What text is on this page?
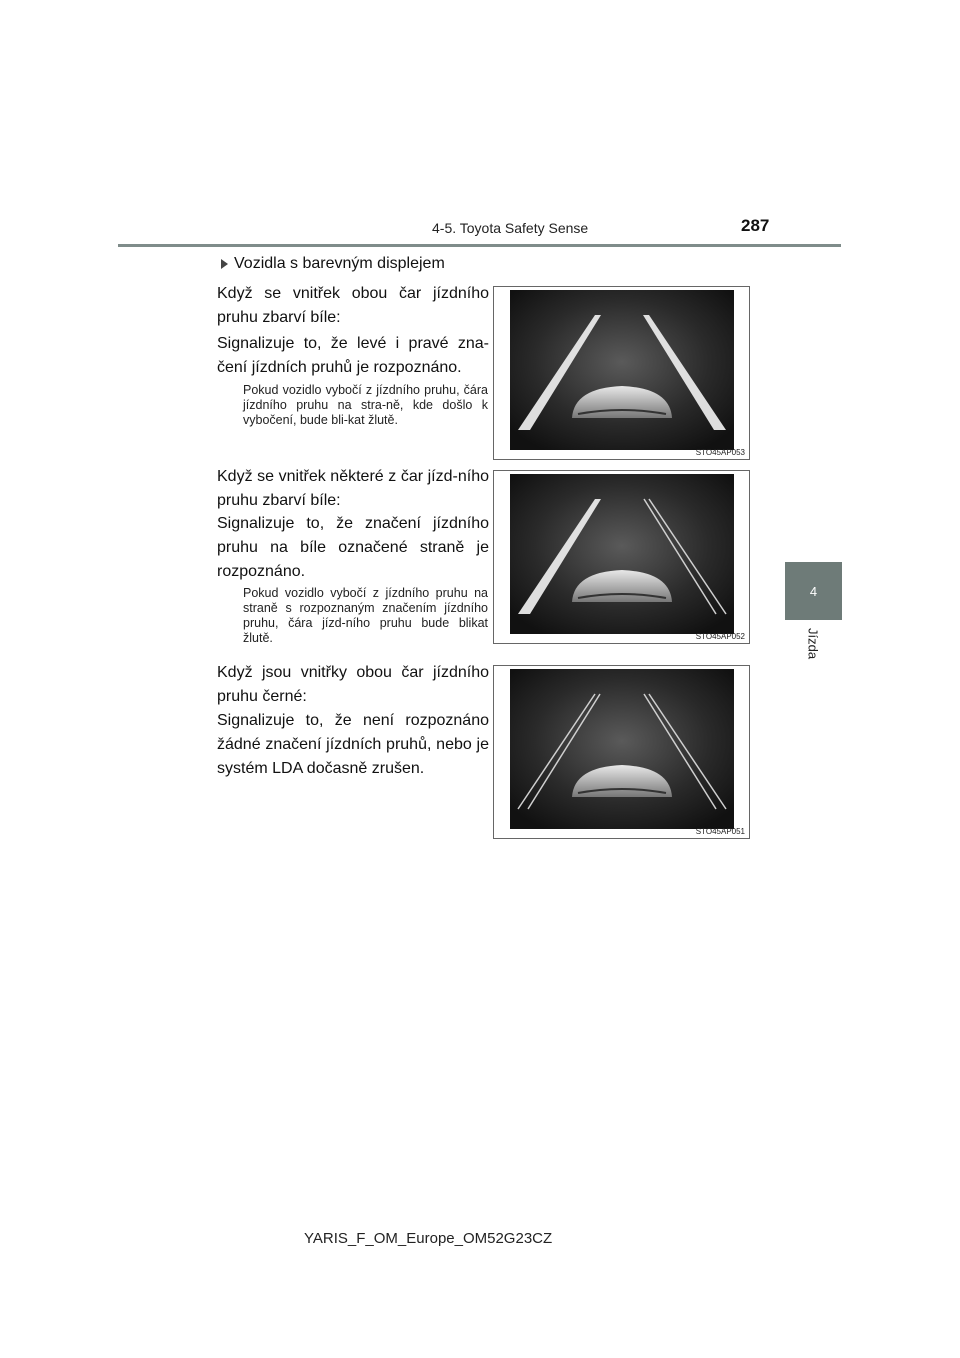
4-5. Toyota Safety Sense	287
4
Jízda
Vozidla s barevným displejem
Když se vnitřek obou čar jízdního pruhu zbarví bíle:
Signalizuje to, že levé i pravé zna-čení jízdních pruhů je rozpoznáno.
Pokud vozidlo vybočí z jízdního pruhu, čára jízdního pruhu na stra-ně, kde došlo k vybočení, bude bli-kat žlutě.
Když se vnitřek některé z čar jízd-ního pruhu zbarví bíle:
Signalizuje to, že značení jízdního pruhu na bíle označené straně je rozpoznáno.
Pokud vozidlo vybočí z jízdního pruhu na straně s rozpoznaným značením jízdního pruhu, čára jízd-ního pruhu bude blikat žlutě.
Když jsou vnitřky obou čar jízdního pruhu černé:
Signalizuje to, že není rozpoznáno žádné značení jízdních pruhů, nebo je systém LDA dočasně zrušen.
STO45AP053
STO45AP052
STO45AP051
YARIS_F_OM_Europe_OM52G23CZ
